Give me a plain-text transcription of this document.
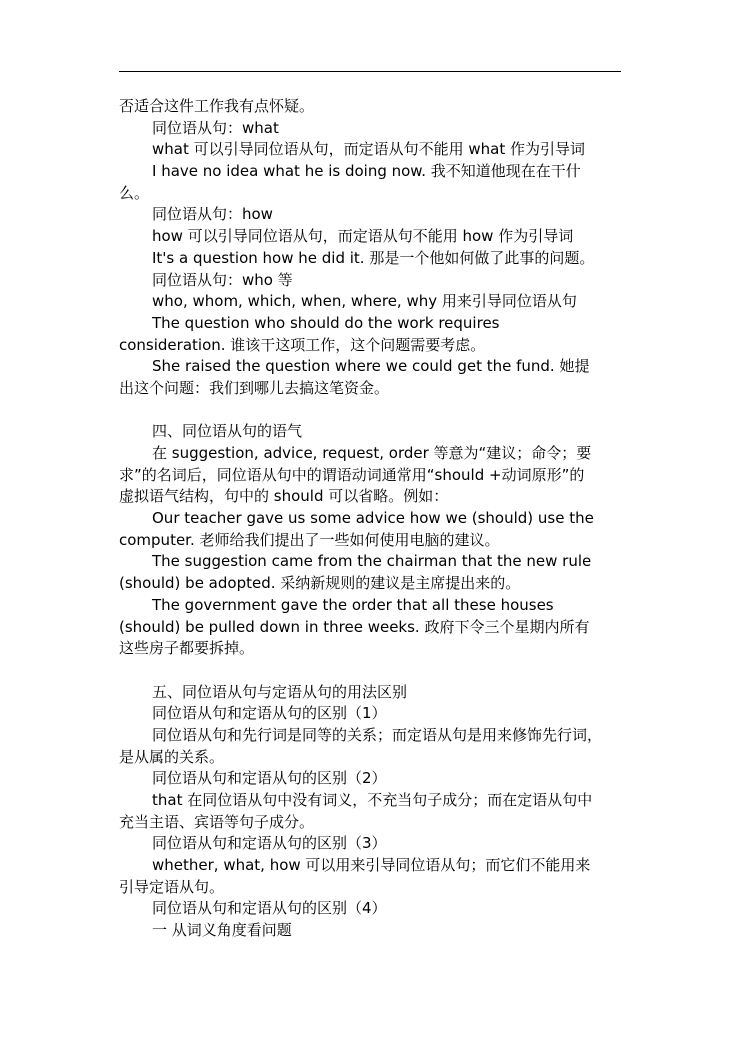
否适合这件工作我有点怀疑。
同位语从句：what
what 可以引导同位语从句，而定语从句不能用 what 作为引导词
I have no idea what he is doing now. 我不知道他现在在干什
么。
同位语从句：how
how 可以引导同位语从句，而定语从句不能用 how 作为引导词
It's a question how he did it. 那是一个他如何做了此事的问题。
同位语从句：who 等
who, whom, which, when, where, why 用来引导同位语从句
The question who should do the work requires
consideration. 谁该干这项工作，这个问题需要考虑。
She raised the question where we could get the fund. 她提
出这个问题：我们到哪儿去搞这笔资金。
四、同位语从句的语气
在 suggestion, advice, request, order 等意为“建议；命令；要
求”的名词后，同位语从句中的谓语动词通常用“should +动词原形”的
虚拟语气结构，句中的 should 可以省略。例如：
Our teacher gave us some advice how we (should) use the
computer. 老师给我们提出了一些如何使用电脑的建议。
The suggestion came from the chairman that the new rule
(should) be adopted. 采纳新规则的建议是主席提出来的。
The government gave the order that all these houses
(should) be pulled down in three weeks. 政府下令三个星期内所有
这些房子都要拆掉。
五、同位语从句与定语从句的用法区别
同位语从句和定语从句的区别（1）
同位语从句和先行词是同等的关系；而定语从句是用来修饰先行词，
是从属的关系。
同位语从句和定语从句的区别（2）
that 在同位语从句中没有词义，不充当句子成分；而在定语从句中
充当主语、宾语等句子成分。
同位语从句和定语从句的区别（3）
whether, what, how 可以用来引导同位语从句；而它们不能用来
引导定语从句。
同位语从句和定语从句的区别（4）
一 从词义角度看问题
